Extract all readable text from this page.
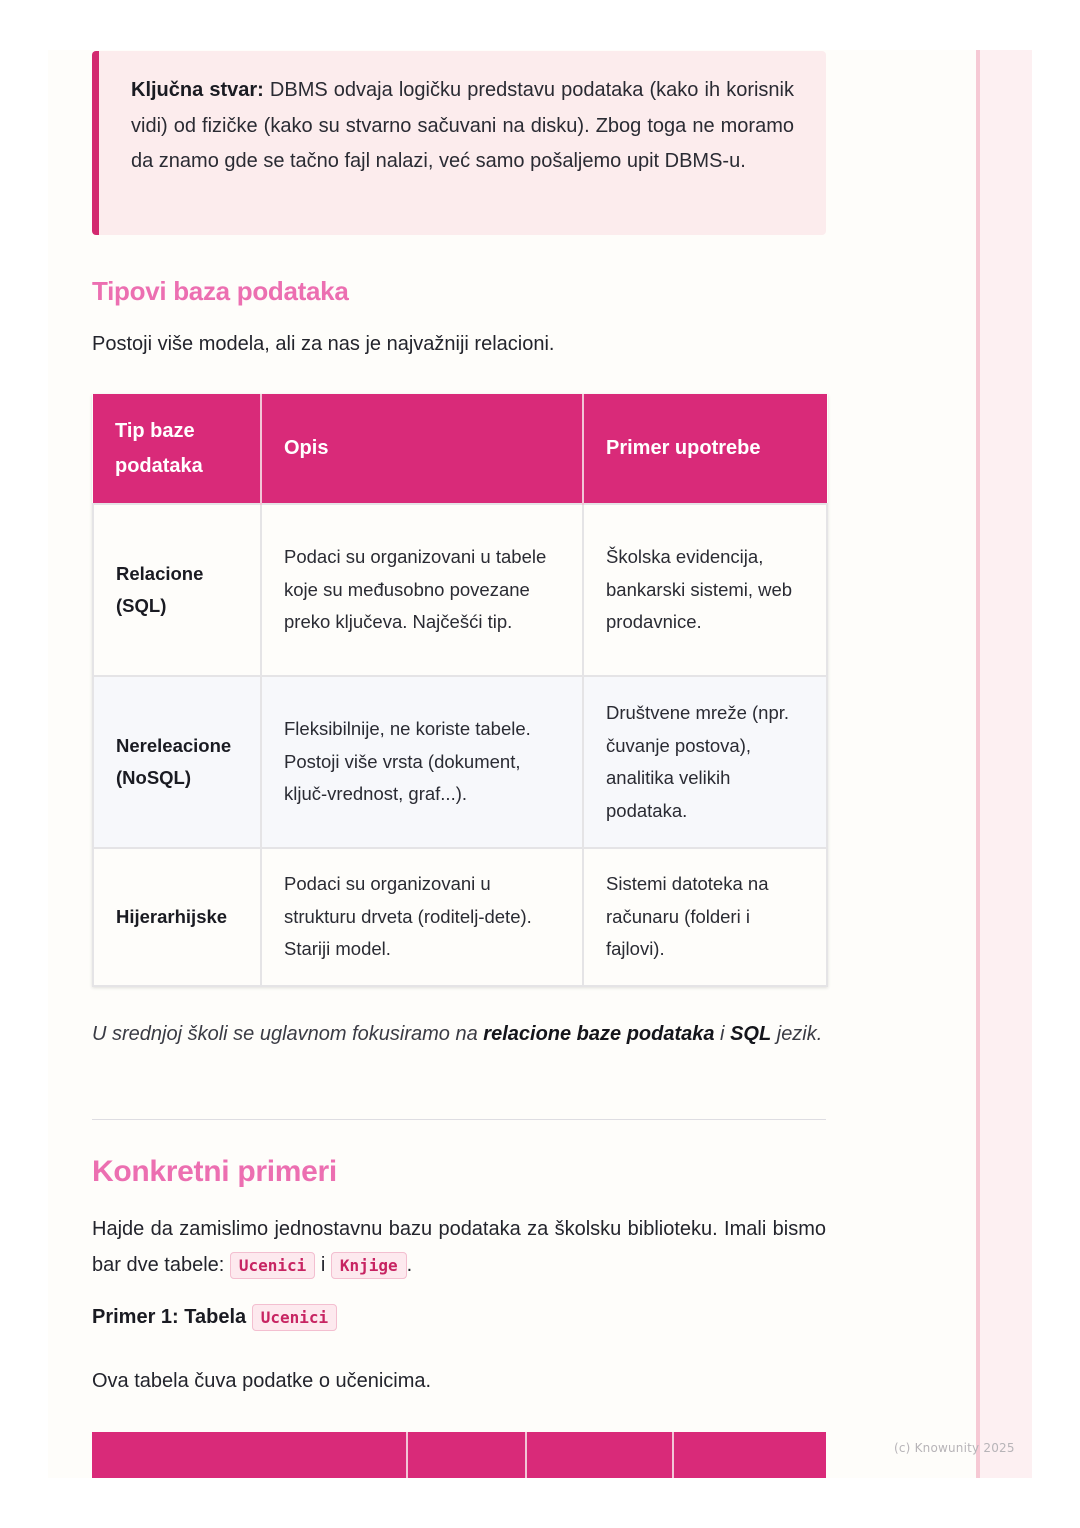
Ključna stvar: DBMS odvaja logičku predstavu podataka (kako ih korisnik vidi) od fizičke (kako su stvarno sačuvani na disku). Zbog toga ne moramo da znamo gde se tačno fajl nalazi, već samo pošaljemo upit DBMS-u.
Tipovi baza podataka

Postoji više modela, ali za nas je najvažniji relacioni.

Tip baze podataka	Opis	Primer upotrebe
Relacione (SQL)	Podaci su organizovani u tabele koje su međusobno povezane preko ključeva. Najčešći tip.	Školska evidencija, bankarski sistemi, web prodavnice.
Nereleacione (NoSQL)	Fleksibilnije, ne koriste tabele. Postoji više vrsta (dokument, ključ-vrednost, graf...).	Društvene mreže (npr. čuvanje postova), analitika velikih podataka.
Hijerarhijske	Podaci su organizovani u strukturu drveta (roditelj-dete). Stariji model.	Sistemi datoteka na računaru (folderi i fajlovi).

U srednjoj školi se uglavnom fokusiramo na relacione baze podataka i SQL jezik.

Konkretni primeri

Hajde da zamislimo jednostavnu bazu podataka za školsku biblioteku. Imali bismo bar dve tabele: Ucenici i Knjige .

Primer 1: Tabela Ucenici

Ova tabela čuva podatke o učenicima.

(c) Knowunity 2025
